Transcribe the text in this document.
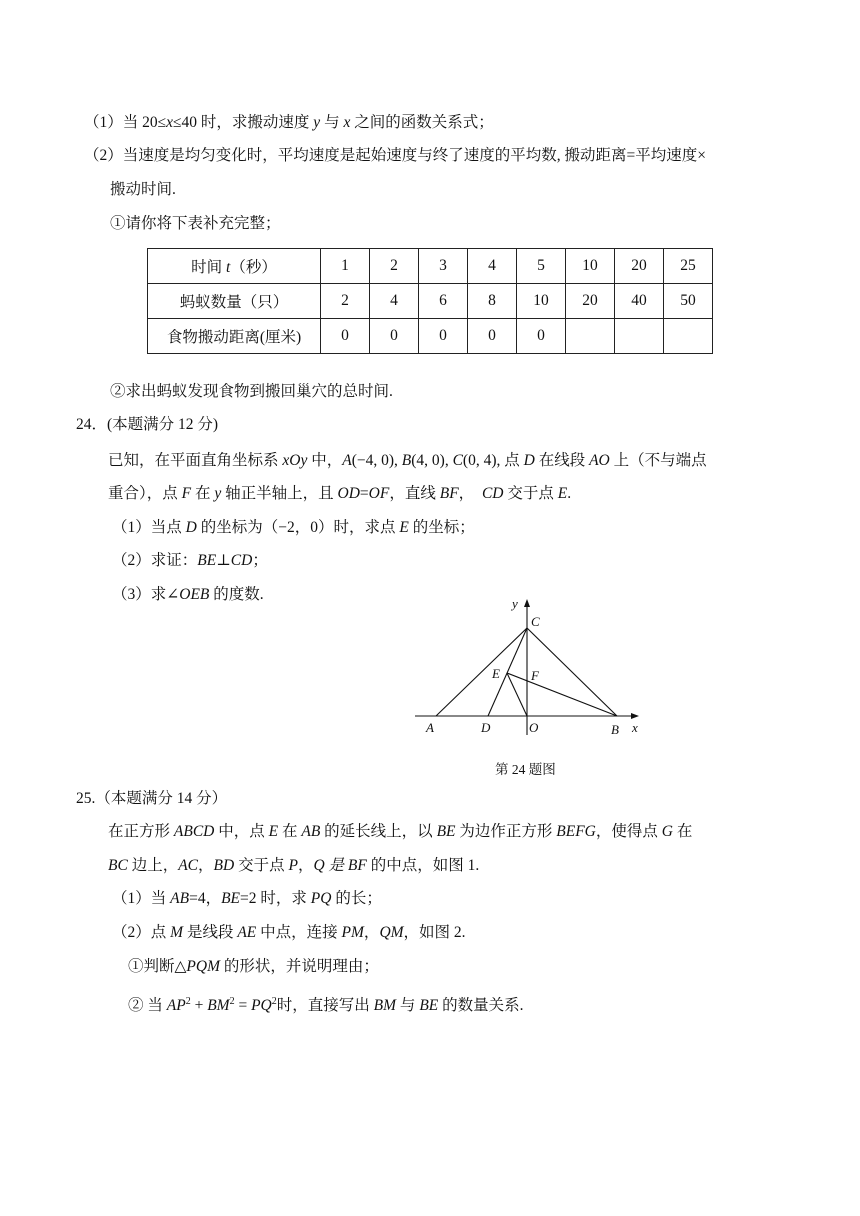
（1）当 20≤x≤40 时，求搬动速度 y 与 x 之间的函数关系式；
（2）当速度是均匀变化时，平均速度是起始速度与终了速度的平均数, 搬动距离=平均速度×
搬动时间.
①请你将下表补充完整；
时间 t（秒）	1	2	3	4	5	10	20	25
蚂蚁数量（只）	2	4	6	8	10	20	40	50
食物搬动距离(厘米)	0	0	0	0	0			
②求出蚂蚁发现食物到搬回巢穴的总时间.
24．(本题满分 12 分)
已知，在平面直角坐标系 xOy 中，A(−4, 0), B(4, 0), C(0, 4), 点 D 在线段 AO 上（不与端点
重合），点 F 在 y 轴正半轴上，且 OD=OF，直线 BF，  CD 交于点 E.
（1）当点 D 的坐标为（−2，0）时，求点 E 的坐标；
（2）求证：BE⊥CD；
（3）求∠OEB 的度数.
y
C
E F
A	D	O	B x
第 24 题图
25.（本题满分 14 分）
在正方形 ABCD 中，点 E 在 AB 的延长线上，以 BE 为边作正方形 BEFG，使得点 G 在
BC 边上，AC，BD 交于点 P，Q 是 BF 的中点，如图 1.
（1）当 AB=4，BE=2 时，求 PQ 的长；
（2）点 M 是线段 AE 中点，连接 PM，QM，如图 2.
①判断△PQM 的形状，并说明理由；
② 当 $AP^2 + BM^2 = PQ^2$时，直接写出 BM 与 BE 的数量关系.
